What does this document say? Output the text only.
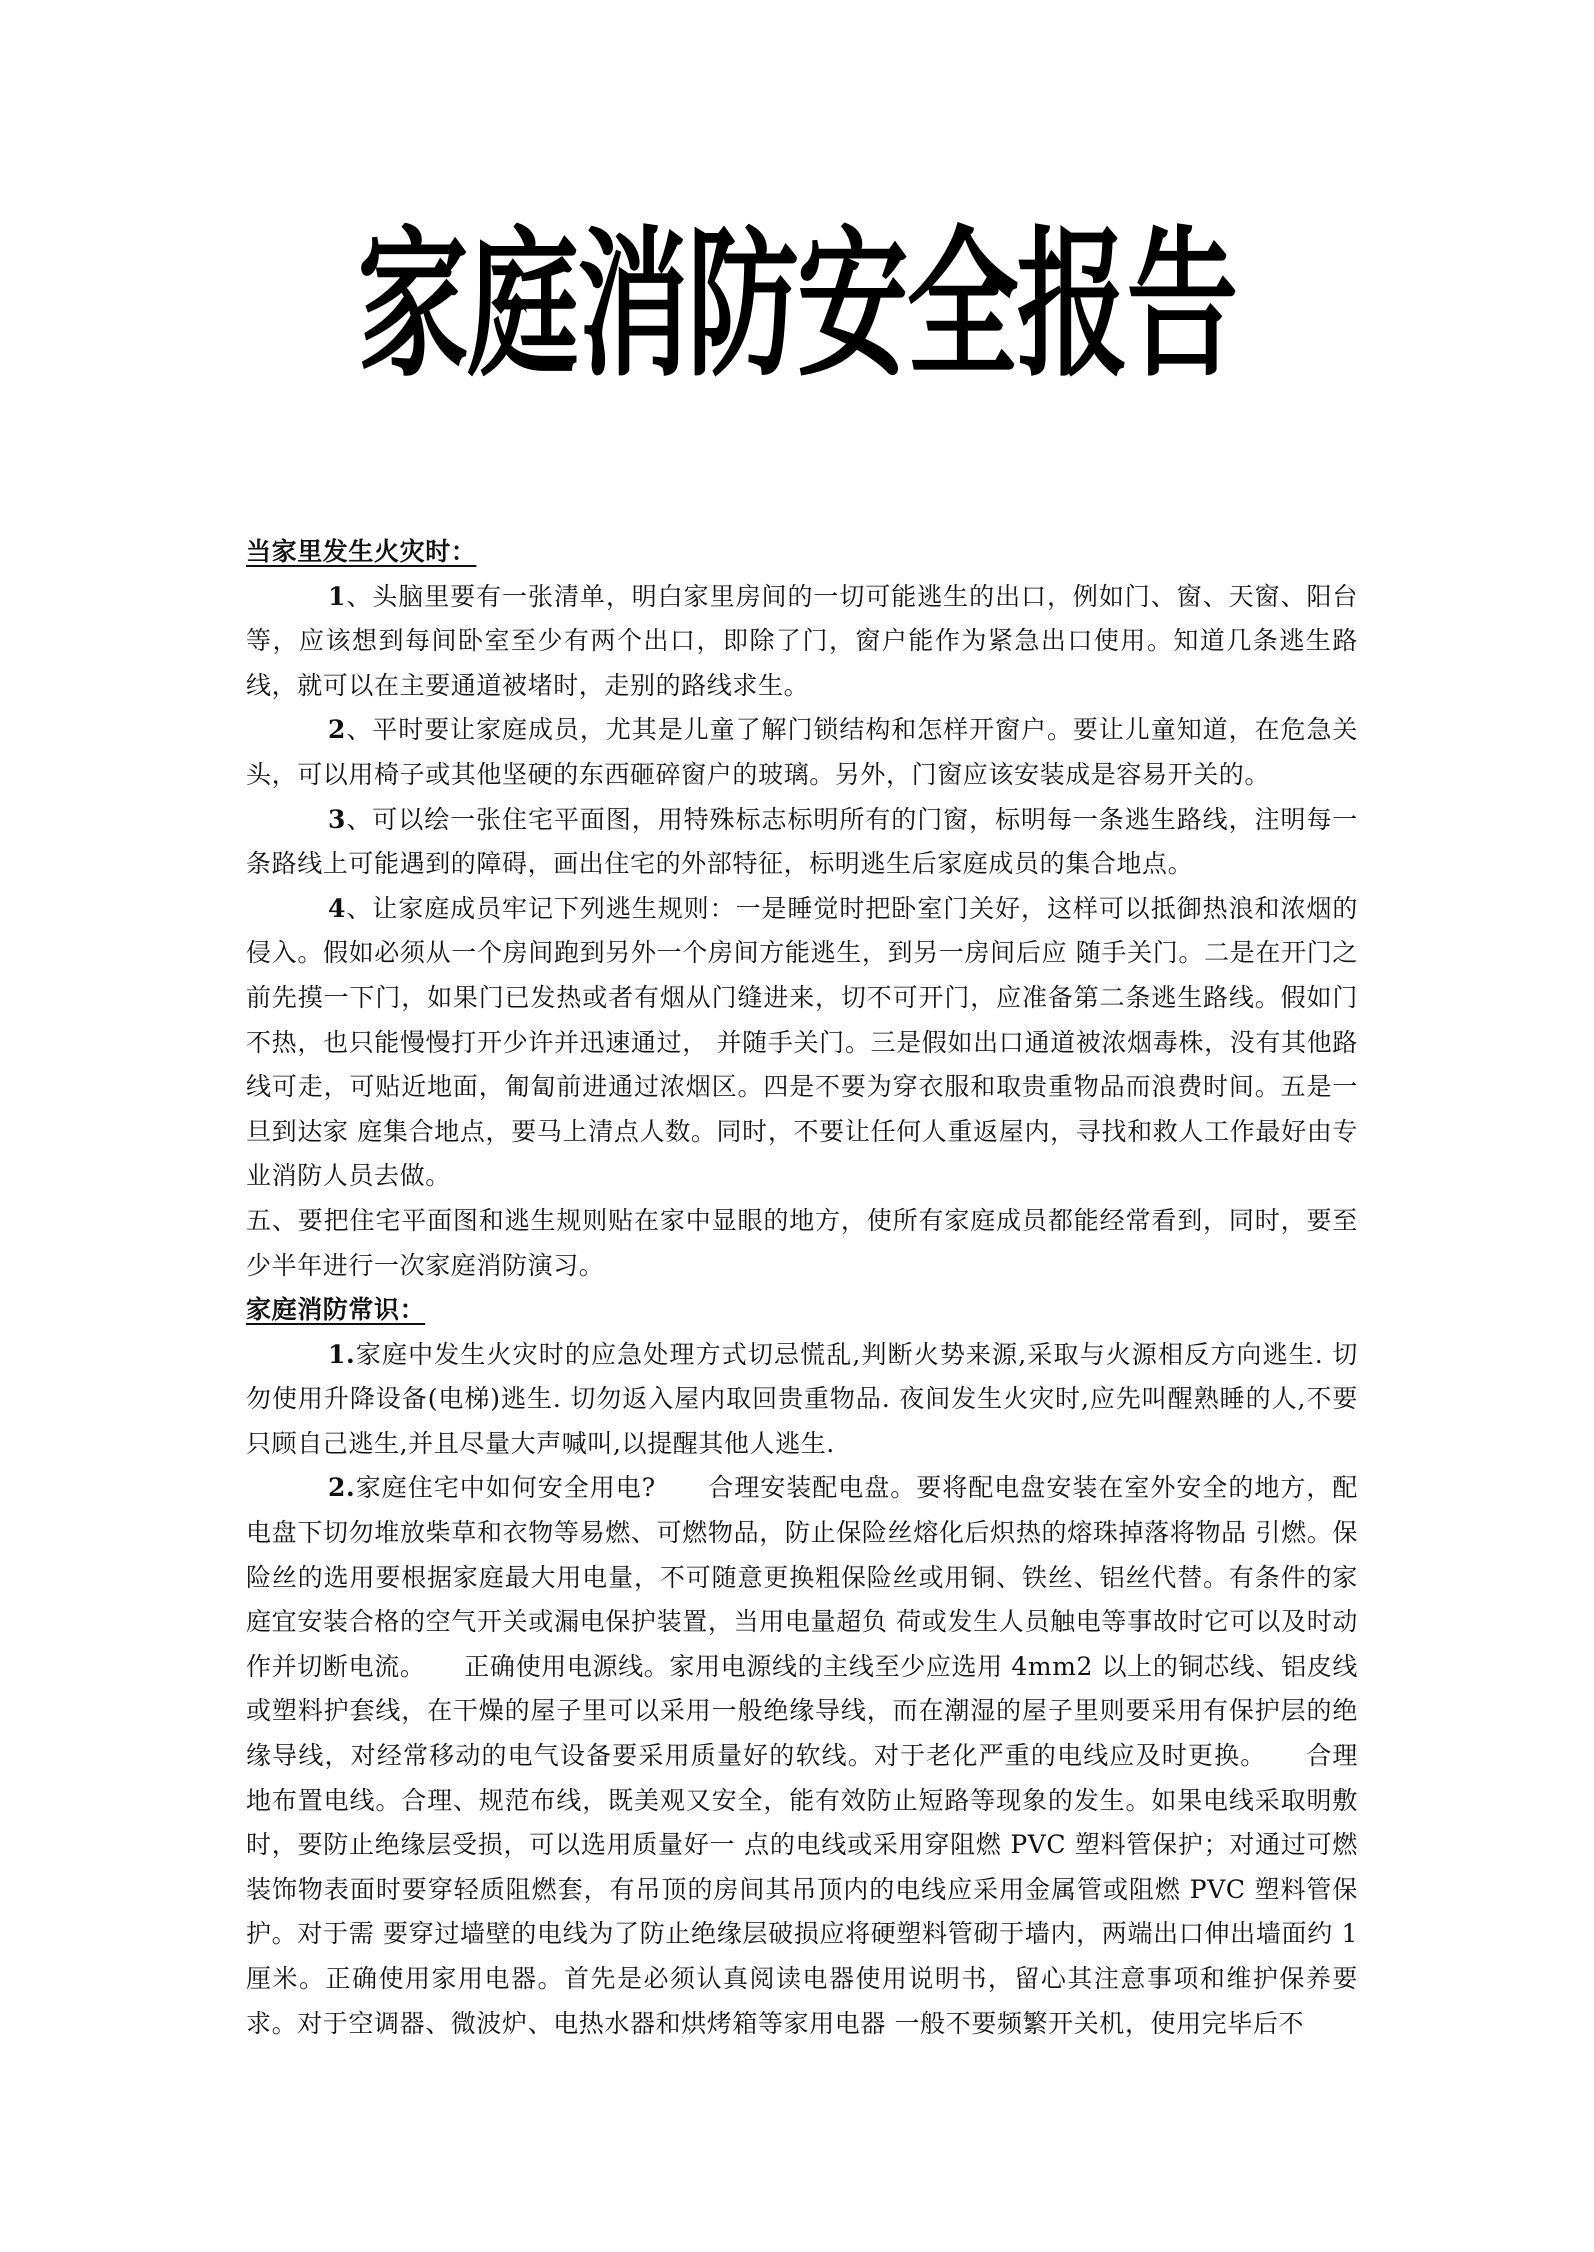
家庭消防安全报告
当家里发生火灾时：

1、头脑里要有一张清单，明白家里房间的一切可能逃生的出口，例如门、窗、天窗、阳台等，应该想到每间卧室至少有两个出口，即除了门，窗户能作为紧急出口使用。知道几条逃生路线，就可以在主要通道被堵时，走别的路线求生。

2、平时要让家庭成员，尤其是儿童了解门锁结构和怎样开窗户。要让儿童知道，在危急关头，可以用椅子或其他坚硬的东西砸碎窗户的玻璃。另外，门窗应该安装成是容易开关的。

3、可以绘一张住宅平面图，用特殊标志标明所有的门窗，标明每一条逃生路线，注明每一条路线上可能遇到的障碍，画出住宅的外部特征，标明逃生后家庭成员的集合地点。

4、让家庭成员牢记下列逃生规则：一是睡觉时把卧室门关好，这样可以抵御热浪和浓烟的侵入。假如必须从一个房间跑到另外一个房间方能逃生，到另一房间后应 随手关门。二是在开门之前先摸一下门，如果门已发热或者有烟从门缝进来，切不可开门，应准备第二条逃生路线。假如门不热，也只能慢慢打开少许并迅速通过， 并随手关门。三是假如出口通道被浓烟毒株，没有其他路线可走，可贴近地面，匍匐前进通过浓烟区。四是不要为穿衣服和取贵重物品而浪费时间。五是一旦到达家 庭集合地点，要马上清点人数。同时，不要让任何人重返屋内，寻找和救人工作最好由专业消防人员去做。

五、要把住宅平面图和逃生规则贴在家中显眼的地方，使所有家庭成员都能经常看到，同时，要至少半年进行一次家庭消防演习。

家庭消防常识：

1.家庭中发生火灾时的应急处理方式切忌慌乱,判断火势来源,采取与火源相反方向逃生. 切勿使用升降设备(电梯)逃生. 切勿返入屋内取回贵重物品. 夜间发生火灾时,应先叫醒熟睡的人,不要只顾自己逃生,并且尽量大声喊叫,以提醒其他人逃生.

2.家庭住宅中如何安全用电?　　合理安装配电盘。要将配电盘安装在室外安全的地方，配电盘下切勿堆放柴草和衣物等易燃、可燃物品，防止保险丝熔化后炽热的熔珠掉落将物品 引燃。保险丝的选用要根据家庭最大用电量，不可随意更换粗保险丝或用铜、铁丝、铝丝代替。有条件的家庭宜安装合格的空气开关或漏电保护装置，当用电量超负 荷或发生人员触电等事故时它可以及时动作并切断电流。　　正确使用电源线。家用电源线的主线至少应选用 4mm2 以上的铜芯线、铝皮线或塑料护套线，在干燥的屋子里可以采用一般绝缘导线，而在潮湿的屋子里则要采用有保护层的绝缘导线，对经常移动的电气设备要采用质量好的软线。对于老化严重的电线应及时更换。　　合理地布置电线。合理、规范布线，既美观又安全，能有效防止短路等现象的发生。如果电线采取明敷时，要防止绝缘层受损，可以选用质量好一 点的电线或采用穿阻燃 PVC 塑料管保护；对通过可燃装饰物表面时要穿轻质阻燃套，有吊顶的房间其吊顶内的电线应采用金属管或阻燃 PVC 塑料管保护。对于需 要穿过墙壁的电线为了防止绝缘层破损应将硬塑料管砌于墙内，两端出口伸出墙面约 1 厘米。正确使用家用电器。首先是必须认真阅读电器使用说明书，留心其注意事项和维护保养要求。对于空调器、微波炉、电热水器和烘烤箱等家用电器 一般不要频繁开关机，使用完毕后不
